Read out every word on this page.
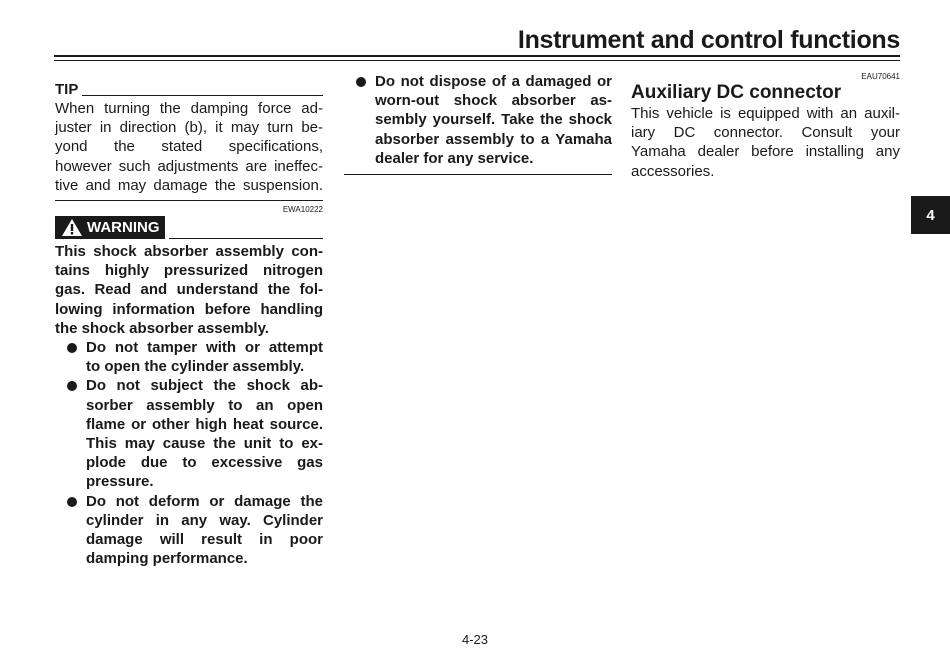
Instrument and control functions
TIP
When turning the damping force ad-
juster in direction (b), it may turn be-
yond the stated specifications,
however such adjustments are ineffec-
tive and may damage the suspension.
EWA10222
WARNING
This shock absorber assembly con-
tains highly pressurized nitrogen
gas. Read and understand the fol-
lowing information before handling
the shock absorber assembly.
Do not tamper with or attempt
to open the cylinder assembly.
Do not subject the shock ab-
sorber assembly to an open
flame or other high heat source.
This may cause the unit to ex-
plode due to excessive gas
pressure.
Do not deform or damage the
cylinder in any way. Cylinder
damage will result in poor
damping performance.
Do not dispose of a damaged or
worn-out shock absorber as-
sembly yourself. Take the shock
absorber assembly to a Yamaha
dealer for any service.
EAU70641
Auxiliary DC connector
This vehicle is equipped with an auxil-
iary DC connector. Consult your
Yamaha dealer before installing any
accessories.
4
4-23
